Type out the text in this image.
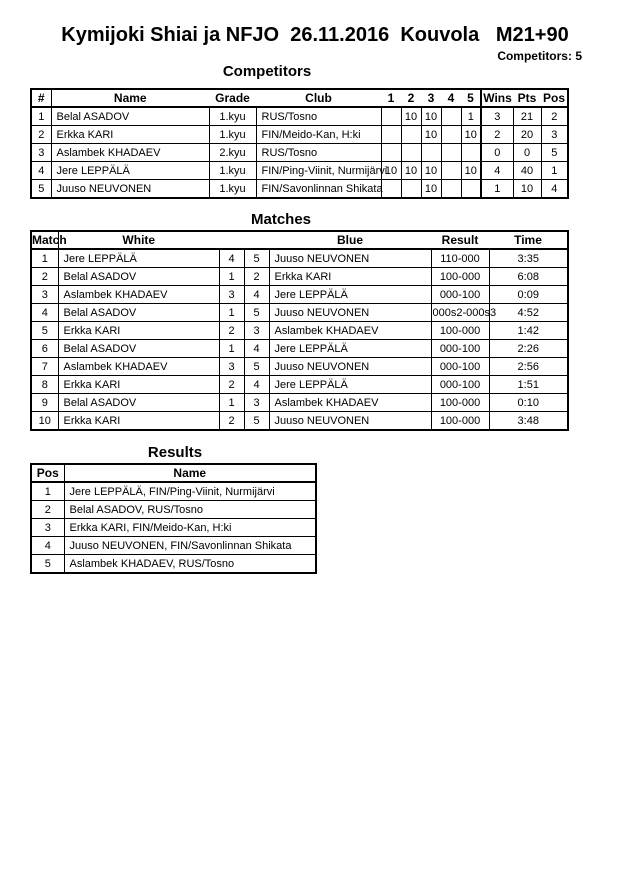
Kymijoki Shiai ja NFJO  26.11.2016  Kouvola   M21+90
Competitors: 5
Competitors
#	Name	Grade	Club	1	2	3	4	5	Wins	Pts	Pos
1	Belal ASADOV	1.kyu	RUS/Tosno		10	10		1	3	21	2
2	Erkka KARI	1.kyu	FIN/Meido-Kan, H:ki			10		10	2	20	3
3	Aslambek KHADAEV	2.kyu	RUS/Tosno						0	0	5
4	Jere LEPPÄLÄ	1.kyu	FIN/Ping-Viinit, Nurmijärvi	10	10	10		10	4	40	1
5	Juuso NEUVONEN	1.kyu	FIN/Savonlinnan Shikata			10			1	10	4
Matches
Match	White			Blue	Result	Time
1	Jere LEPPÄLÄ	4	5	Juuso NEUVONEN	110-000	3:35
2	Belal ASADOV	1	2	Erkka KARI	100-000	6:08
3	Aslambek KHADAEV	3	4	Jere LEPPÄLÄ	000-100	0:09
4	Belal ASADOV	1	5	Juuso NEUVONEN	000s2-000s3	4:52
5	Erkka KARI	2	3	Aslambek KHADAEV	100-000	1:42
6	Belal ASADOV	1	4	Jere LEPPÄLÄ	000-100	2:26
7	Aslambek KHADAEV	3	5	Juuso NEUVONEN	000-100	2:56
8	Erkka KARI	2	4	Jere LEPPÄLÄ	000-100	1:51
9	Belal ASADOV	1	3	Aslambek KHADAEV	100-000	0:10
10	Erkka KARI	2	5	Juuso NEUVONEN	100-000	3:48
Results
Pos	Name
1	Jere LEPPÄLÄ, FIN/Ping-Viinit, Nurmijärvi
2	Belal ASADOV, RUS/Tosno
3	Erkka KARI, FIN/Meido-Kan, H:ki
4	Juuso NEUVONEN, FIN/Savonlinnan Shikata
5	Aslambek KHADAEV, RUS/Tosno
